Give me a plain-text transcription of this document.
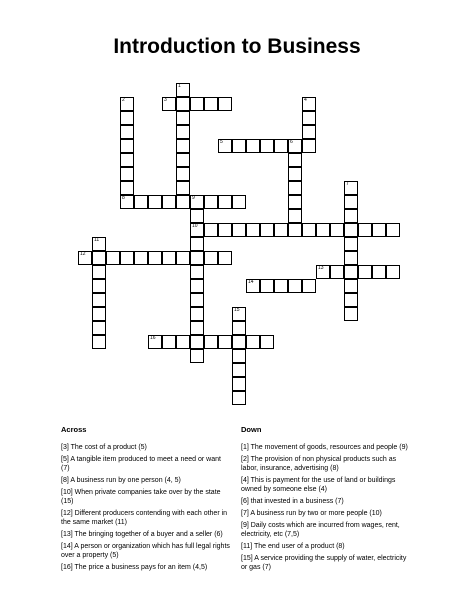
Introduction to Business
1
2
8
3	4
5	6
7
9
10
11
12
13
14
15
16
Across
[3] The cost of a product (5)
[5] A tangible item produced to meet a need or want (7)
[8] A business run by one person (4, 5)
[10] When private companies take over by the state (15)
[12] Different producers contending with each other in the same market (11)
[13] The bringing together of a buyer and a seller (6)
[14] A person or organization which has full legal rights over a property (5)
[16] The price a business pays for an item (4,5)
Down
[1] The movement of goods, resources and people (9)
[2] The provision of non physical products such as labor, insurance, advertising (8)
[4] This is payment for the use of land or buildings owned by someone else (4)
[6] that invested in a business (7)
[7] A business run by two or more people (10)
[9] Daily costs which are incurred from wages, rent, electricity, etc (7,5)
[11] The end user of a product (8)
[15] A service providing the supply of water, electricity or gas (7)
